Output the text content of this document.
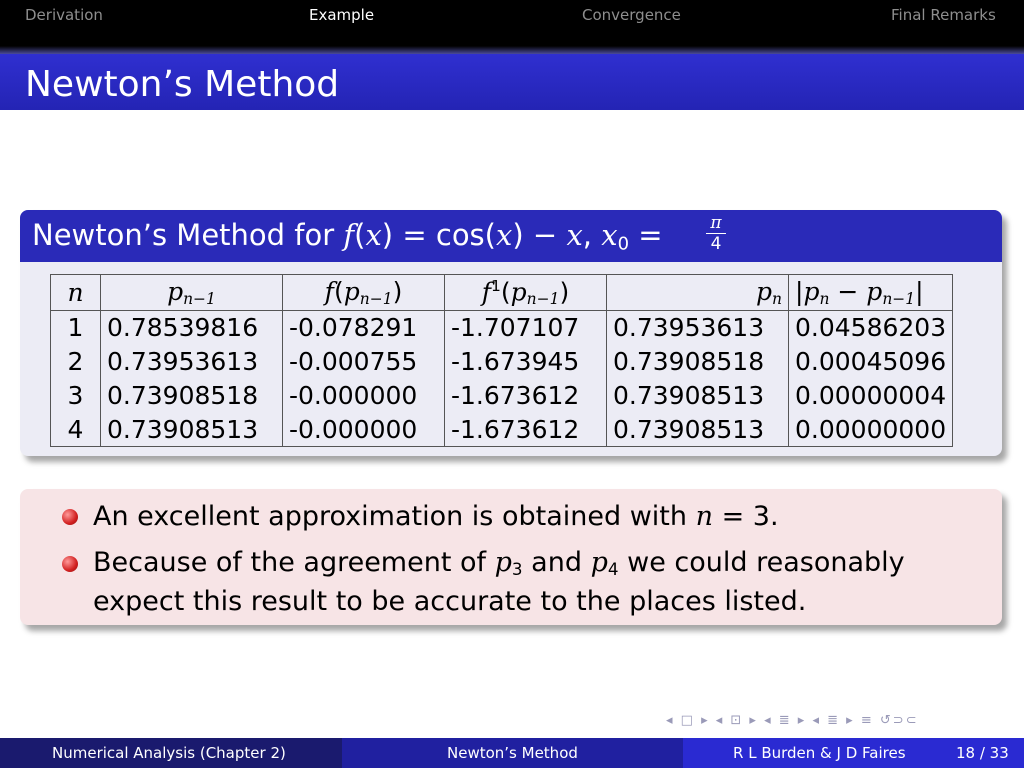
Derivation	Example	Convergence	Final Remarks
Newton’s Method
Newton’s Method for f(x) = cos(x) − x, $x_0$ =	π
4
n	$p_{n-1}$	$f(p_{n-1})$	$f^1(p_{n-1})$	$p_n$	$|p_n - p_{n-1}|$
1	0.78539816	-0.078291	-1.707107	0.73953613	0.04586203
2	0.73953613	-0.000755	-1.673945	0.73908518	0.00045096
3	0.73908518	-0.000000	-1.673612	0.73908513	0.00000004
4	0.73908513	-0.000000	-1.673612	0.73908513	0.00000000
An excellent approximation is obtained with n = 3.
Because of the agreement of $p_3$ and $p_4$ we could reasonably
expect this result to be accurate to the places listed.
◂ □ ▸ ◂ ⊡ ▸ ◂ ≣ ▸ ◂ ≣ ▸ ≡ ↺⊃⊂
Numerical Analysis (Chapter 2)	Newton’s Method	R L Burden & J D Faires	18 / 33
